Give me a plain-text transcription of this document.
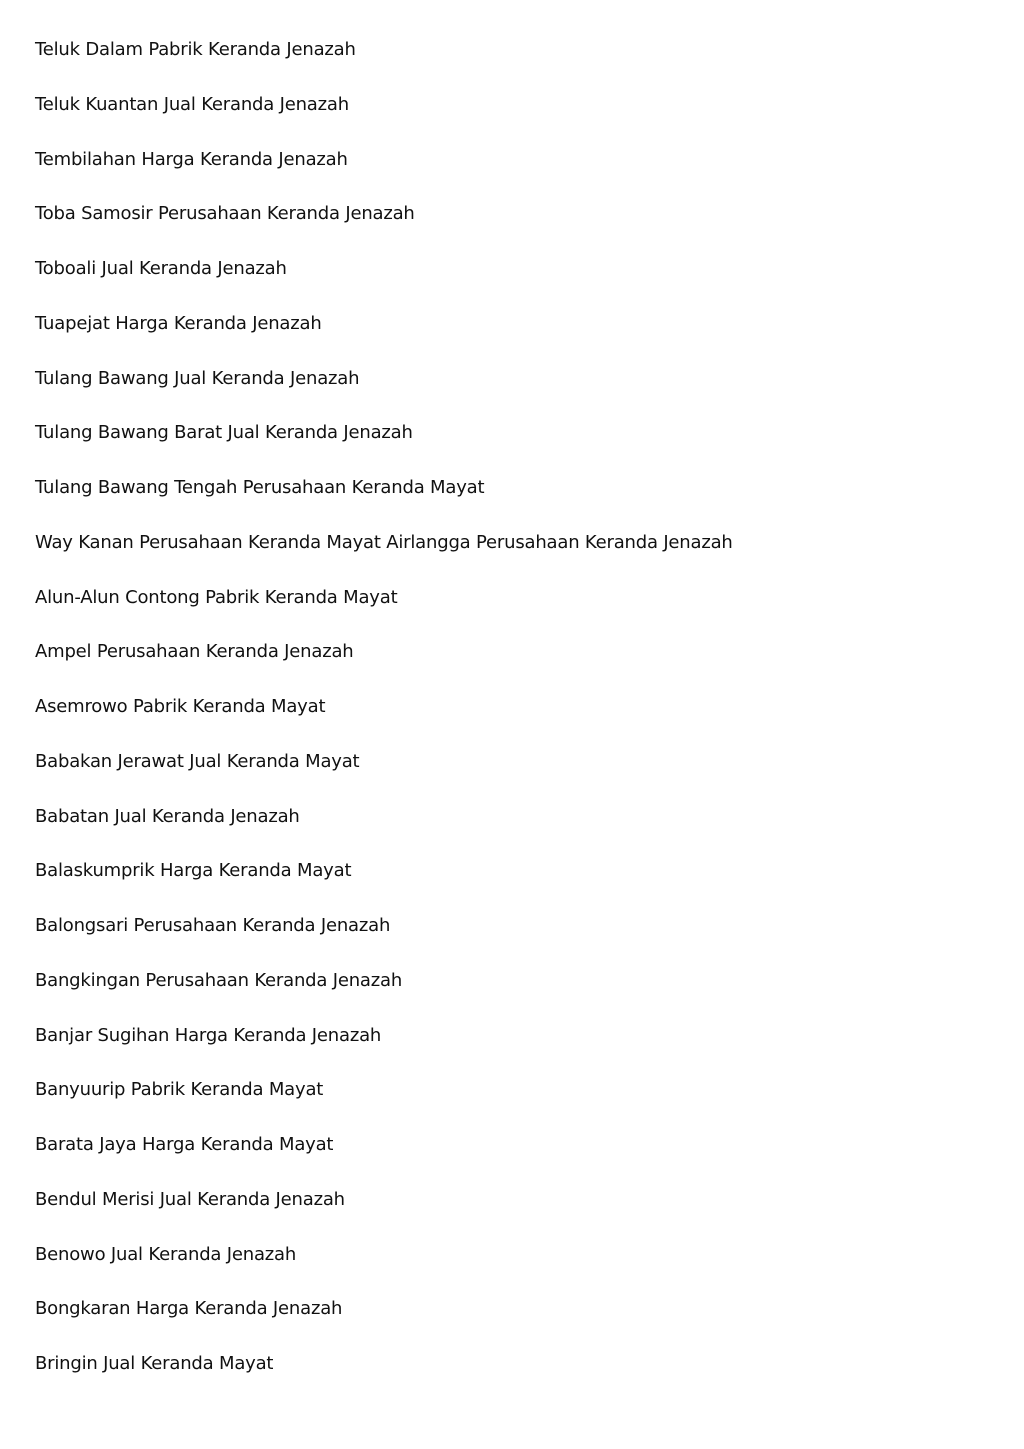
Teluk Dalam Pabrik Keranda Jenazah
Teluk Kuantan Jual Keranda Jenazah
Tembilahan Harga Keranda Jenazah
Toba Samosir Perusahaan Keranda Jenazah
Toboali Jual Keranda Jenazah
Tuapejat Harga Keranda Jenazah
Tulang Bawang Jual Keranda Jenazah
Tulang Bawang Barat Jual Keranda Jenazah
Tulang Bawang Tengah Perusahaan Keranda Mayat
Way Kanan Perusahaan Keranda Mayat Airlangga Perusahaan Keranda Jenazah
Alun-Alun Contong Pabrik Keranda Mayat
Ampel Perusahaan Keranda Jenazah
Asemrowo Pabrik Keranda Mayat
Babakan Jerawat Jual Keranda Mayat
Babatan Jual Keranda Jenazah
Balaskumprik Harga Keranda Mayat
Balongsari Perusahaan Keranda Jenazah
Bangkingan Perusahaan Keranda Jenazah
Banjar Sugihan Harga Keranda Jenazah
Banyuurip Pabrik Keranda Mayat
Barata Jaya Harga Keranda Mayat
Bendul Merisi Jual Keranda Jenazah
Benowo Jual Keranda Jenazah
Bongkaran Harga Keranda Jenazah
Bringin Jual Keranda Mayat
